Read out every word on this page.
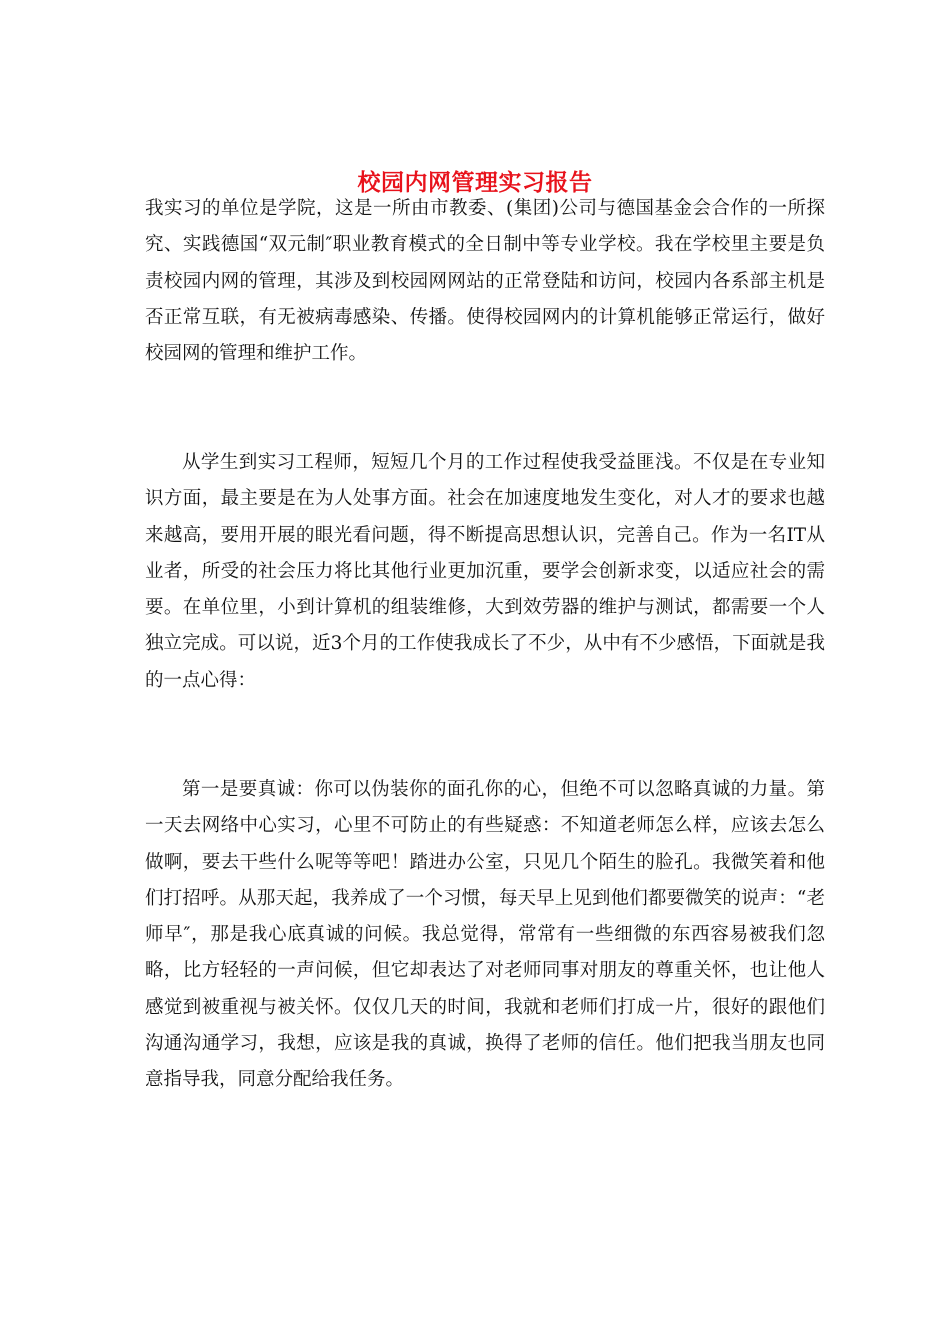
校园内网管理实习报告

我实习的单位是学院，这是一所由市教委、(集团)公司与德国基金会合作的一所探究、实践德国“双元制″职业教育模式的全日制中等专业学校。我在学校里主要是负责校园内网的管理，其涉及到校园网网站的正常登陆和访问，校园内各系部主机是否正常互联，有无被病毒感染、传播。使得校园网内的计算机能够正常运行，做好校园网的管理和维护工作。

从学生到实习工程师，短短几个月的工作过程使我受益匪浅。不仅是在专业知识方面，最主要是在为人处事方面。社会在加速度地发生变化，对人才的要求也越来越高，要用开展的眼光看问题，得不断提高思想认识，完善自己。作为一名IT从业者，所受的社会压力将比其他行业更加沉重，要学会创新求变，以适应社会的需要。在单位里，小到计算机的组装维修，大到效劳器的维护与测试，都需要一个人独立完成。可以说，近3个月的工作使我成长了不少，从中有不少感悟，下面就是我的一点心得：

第一是要真诚：你可以伪装你的面孔你的心，但绝不可以忽略真诚的力量。第一天去网络中心实习，心里不可防止的有些疑惑：不知道老师怎么样，应该去怎么做啊，要去干些什么呢等等吧！踏进办公室，只见几个陌生的脸孔。我微笑着和他们打招呼。从那天起，我养成了一个习惯，每天早上见到他们都要微笑的说声：“老师早″，那是我心底真诚的问候。我总觉得，常常有一些细微的东西容易被我们忽略，比方轻轻的一声问候，但它却表达了对老师同事对朋友的尊重关怀，也让他人感觉到被重视与被关怀。仅仅几天的时间，我就和老师们打成一片，很好的跟他们沟通沟通学习，我想，应该是我的真诚，换得了老师的信任。他们把我当朋友也同意指导我，同意分配给我任务。
